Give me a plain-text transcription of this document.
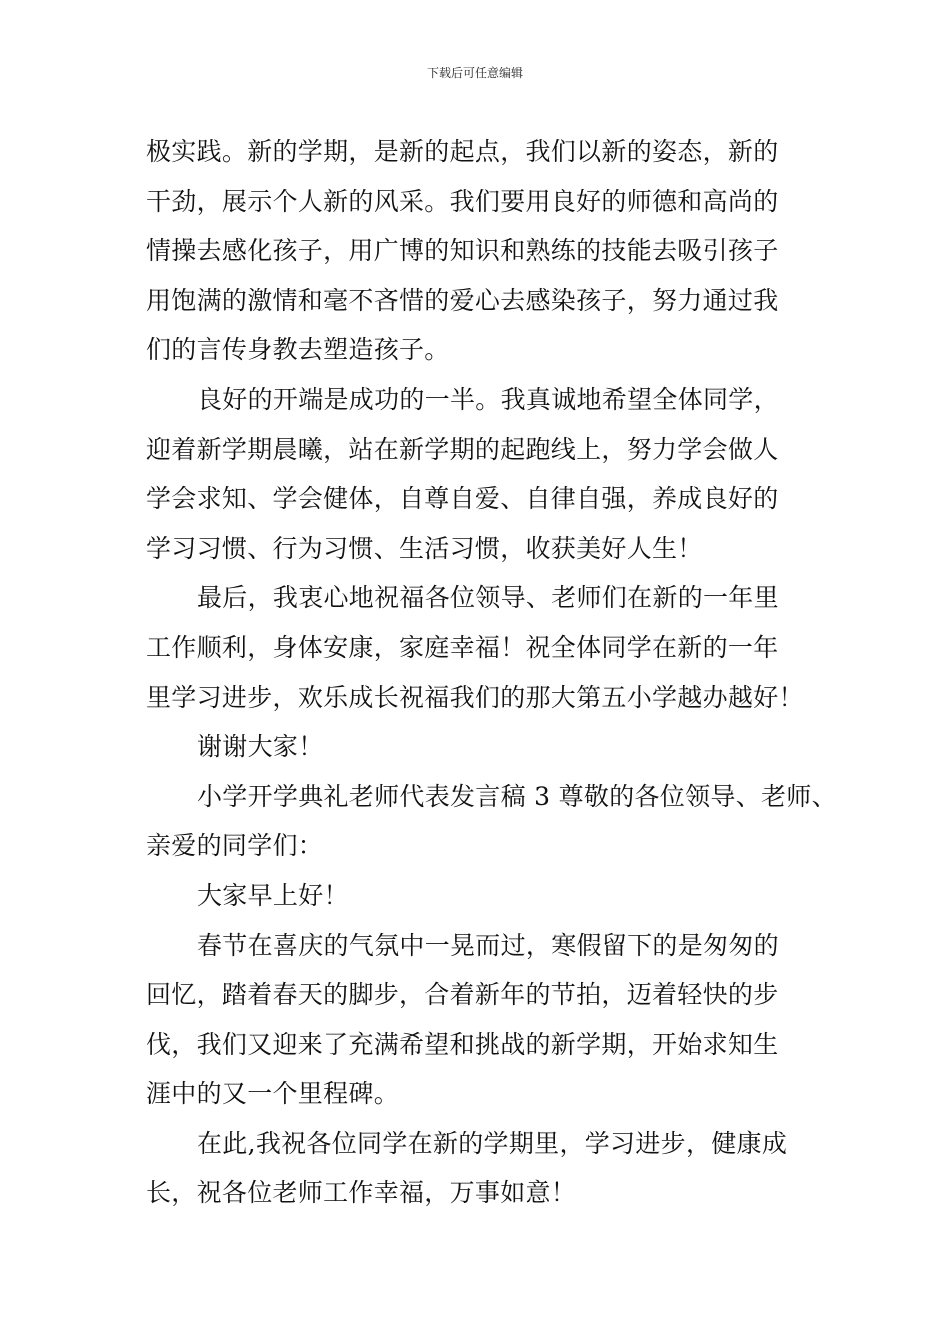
下载后可任意编辑
极实践。新的学期，是新的起点，我们以新的姿态，新的
干劲，展示个人新的风采。我们要用良好的师德和高尚的
情操去感化孩子，用广博的知识和熟练的技能去吸引孩子
用饱满的激情和毫不吝惜的爱心去感染孩子，努力通过我
们的言传身教去塑造孩子。
良好的开端是成功的一半。我真诚地希望全体同学，
迎着新学期晨曦，站在新学期的起跑线上，努力学会做人
学会求知、学会健体，自尊自爱、自律自强，养成良好的
学习习惯、行为习惯、生活习惯，收获美好人生！
最后，我衷心地祝福各位领导、老师们在新的一年里
工作顺利，身体安康，家庭幸福！祝全体同学在新的一年
里学习进步，欢乐成长祝福我们的那大第五小学越办越好！
谢谢大家！
小学开学典礼老师代表发言稿 3 尊敬的各位领导、老师、
亲爱的同学们：
大家早上好！
春节在喜庆的气氛中一晃而过，寒假留下的是匆匆的
回忆，踏着春天的脚步，合着新年的节拍，迈着轻快的步
伐，我们又迎来了充满希望和挑战的新学期，开始求知生
涯中的又一个里程碑。
在此,我祝各位同学在新的学期里，学习进步，健康成
长，祝各位老师工作幸福，万事如意！
